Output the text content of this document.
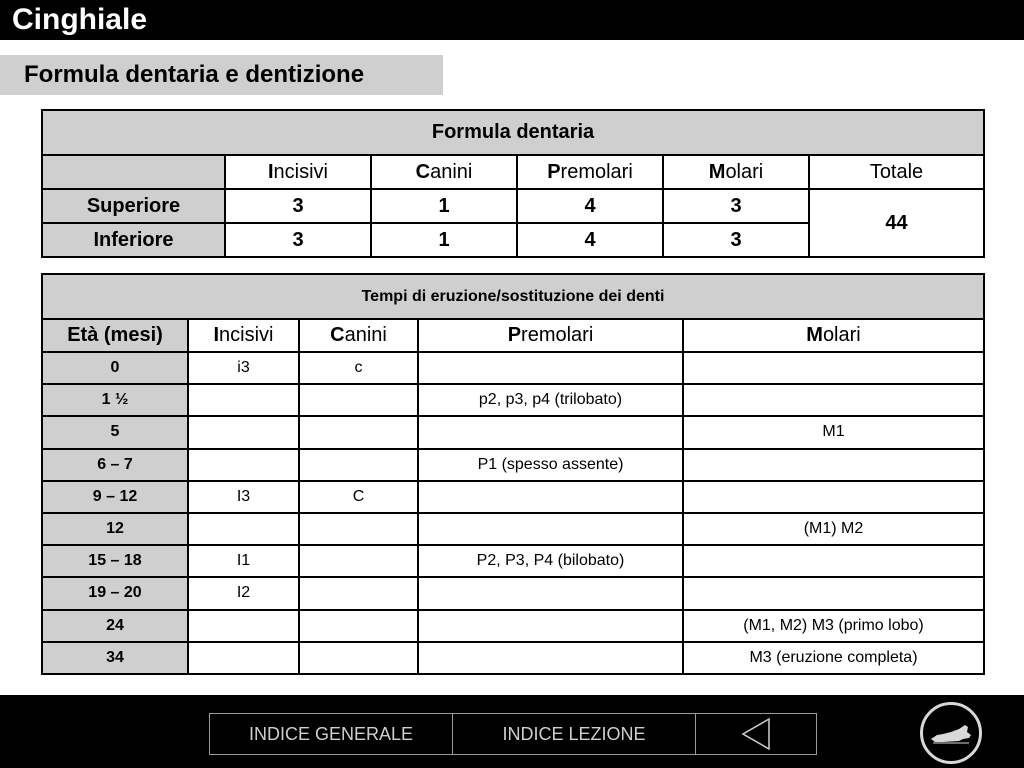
Cinghiale
Formula dentaria e dentizione
Formula dentaria					
	Incisivi	Canini	Premolari	Molari	Totale
Superiore	3	1	4	3	44
Inferiore	3	1	4	3	
Tempi di eruzione/sostituzione dei denti				
Età (mesi)	Incisivi	Canini	Premolari	Molari
0	i3	c		
1 ½			p2, p3, p4 (trilobato)	
5				M1
6 – 7			P1 (spesso assente)	
9 – 12	I3	C		
12				(M1) M2
15 – 18	I1		P2, P3, P4 (bilobato)	
19 – 20	I2			
24				(M1, M2) M3 (primo lobo)
34				M3 (eruzione completa)
INDICE GENERALE	INDICE LEZIONE
